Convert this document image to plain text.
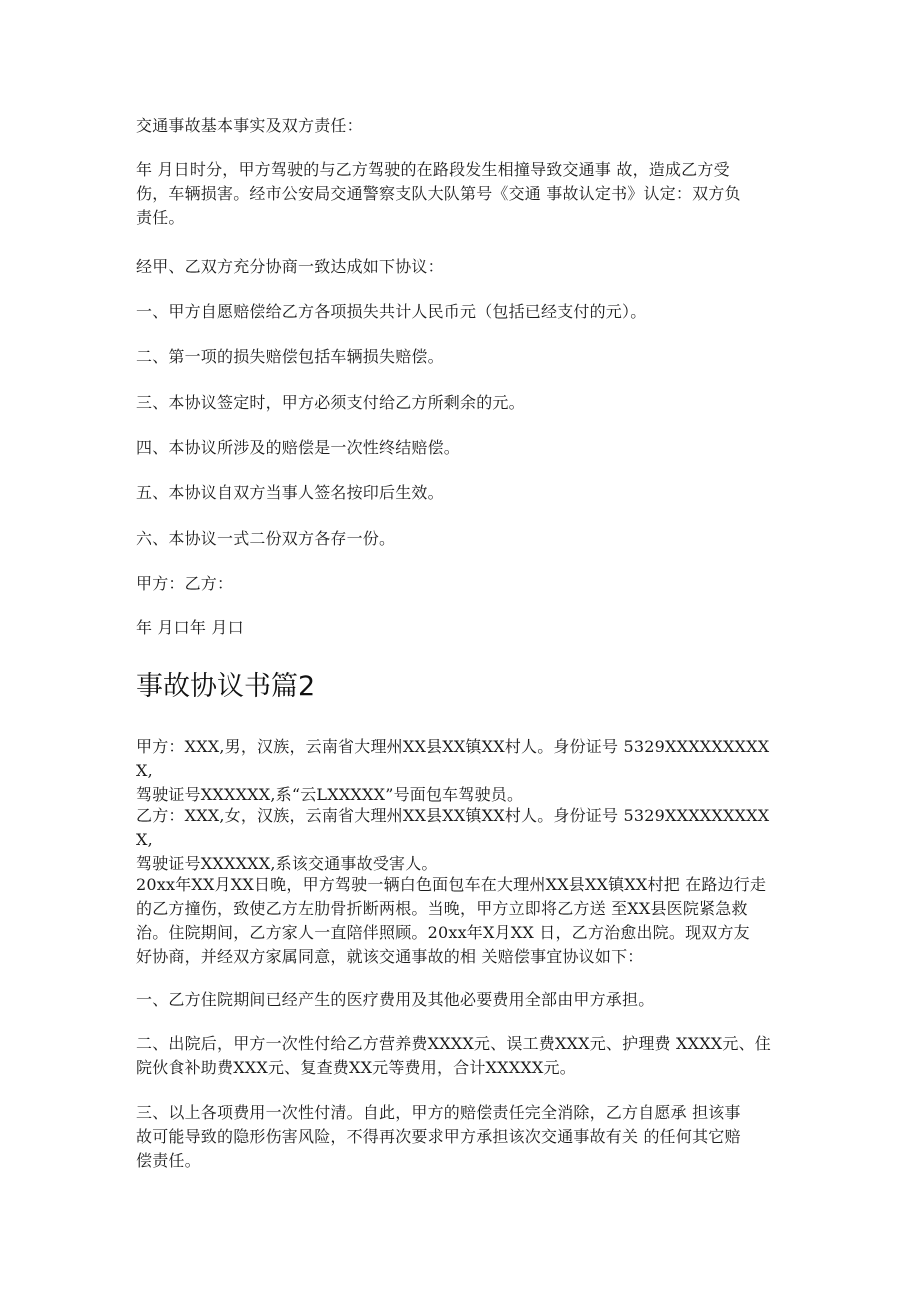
交通事故基本事实及双方责任：

年 月日时分，甲方驾驶的与乙方驾驶的在路段发生相撞导致交通事 故，造成乙方受
伤，车辆损害。经市公安局交通警察支队大队第号《交通 事故认定书》认定：双方负
责任。

经甲、乙双方充分协商一致达成如下协议：

一、甲方自愿赔偿给乙方各项损失共计人民币元（包括已经支付的元）。

二、第一项的损失赔偿包括车辆损失赔偿。

三、本协议签定时，甲方必须支付给乙方所剩余的元。

四、本协议所涉及的赔偿是一次性终结赔偿。

五、本协议自双方当事人签名按印后生效。

六、本协议一式二份双方各存一份。

甲方：乙方：

年 月口年 月口

事故协议书篇2

甲方：XXX,男，汉族，云南省大理州XX县XX镇XX村人。身份证号 5329XXXXXXXXXX,
驾驶证号XXXXXX,系“云LXXXXX”号面包车驾驶员。

乙方：XXX,女，汉族，云南省大理州XX县XX镇XX村人。身份证号 5329XXXXXXXXXX,
驾驶证号XXXXXX,系该交通事故受害人。

20xx年XX月XX日晚，甲方驾驶一辆白色面包车在大理州XX县XX镇XX村把 在路边行走
的乙方撞伤，致使乙方左肋骨折断两根。当晚，甲方立即将乙方送 至XX县医院紧急救
治。住院期间，乙方家人一直陪伴照顾。20xx年X月XX 日，乙方治愈出院。现双方友
好协商，并经双方家属同意，就该交通事故的相 关赔偿事宜协议如下：

一、乙方住院期间已经产生的医疗费用及其他必要费用全部由甲方承担。

二、出院后，甲方一次性付给乙方营养费XXXX元、误工费XXX元、护理费 XXXX元、住
院伙食补助费XXX元、复查费XX元等费用，合计XXXXX元。

三、以上各项费用一次性付清。自此，甲方的赔偿责任完全消除，乙方自愿承 担该事
故可能导致的隐形伤害风险，不得再次要求甲方承担该次交通事故有关 的任何其它赔
偿责任。
